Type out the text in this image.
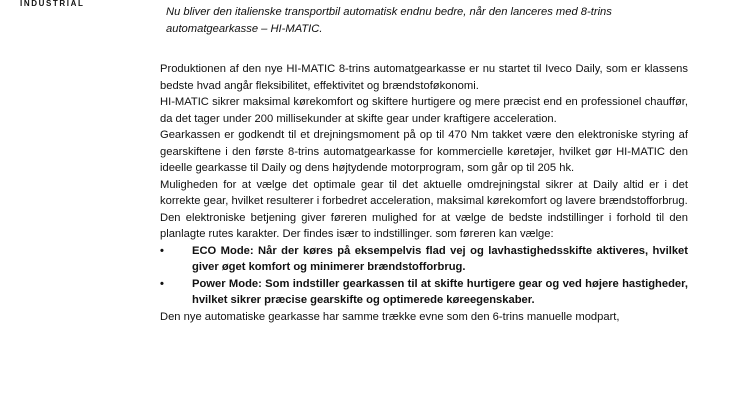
INDUSTRIAL
Nu bliver den italienske transportbil automatisk endnu bedre, når den lanceres med 8-trins
automatgearkasse – HI-MATIC.

Produktionen af den nye HI-MATIC 8-trins automatgearkasse er nu startet til Iveco Daily, som er klassens bedste hvad angår fleksibilitet, effektivitet og brændstoføkonomi.

HI-MATIC sikrer maksimal kørekomfort og skiftere hurtigere og mere præcist end en professionel chauffør, da det tager under 200 millisekunder at skifte gear under kraftigere acceleration.

Gearkassen er godkendt til et drejningsmoment på op til 470 Nm takket være den elektroniske styring af gearskiftene i den første 8-trins automatgearkasse for kommercielle køretøjer, hvilket gør HI-MATIC den ideelle gearkasse til Daily og dens højtydende motorprogram, som går op til 205 hk.

Muligheden for at vælge det optimale gear til det aktuelle omdrejningstal sikrer at Daily altid er i det korrekte gear, hvilket resulterer i forbedret acceleration, maksimal kørekomfort og lavere brændstofforbrug.

Den elektroniske betjening giver føreren mulighed for at vælge de bedste indstillinger i forhold til den planlagte rutes karakter. Der findes især to indstillinger. som føreren kan vælge:

•	ECO Mode: Når der køres på eksempelvis flad vej og lavhastighedsskifte aktiveres, hvilket giver øget komfort og minimerer brændstofforbrug.
•	Power Mode: Som indstiller gearkassen til at skifte hurtigere gear og ved højere hastigheder, hvilket sikrer præcise gearskifte og optimerede køreegenskaber.

Den nye automatiske gearkasse har samme trække evne som den 6-trins manuelle modpart,
